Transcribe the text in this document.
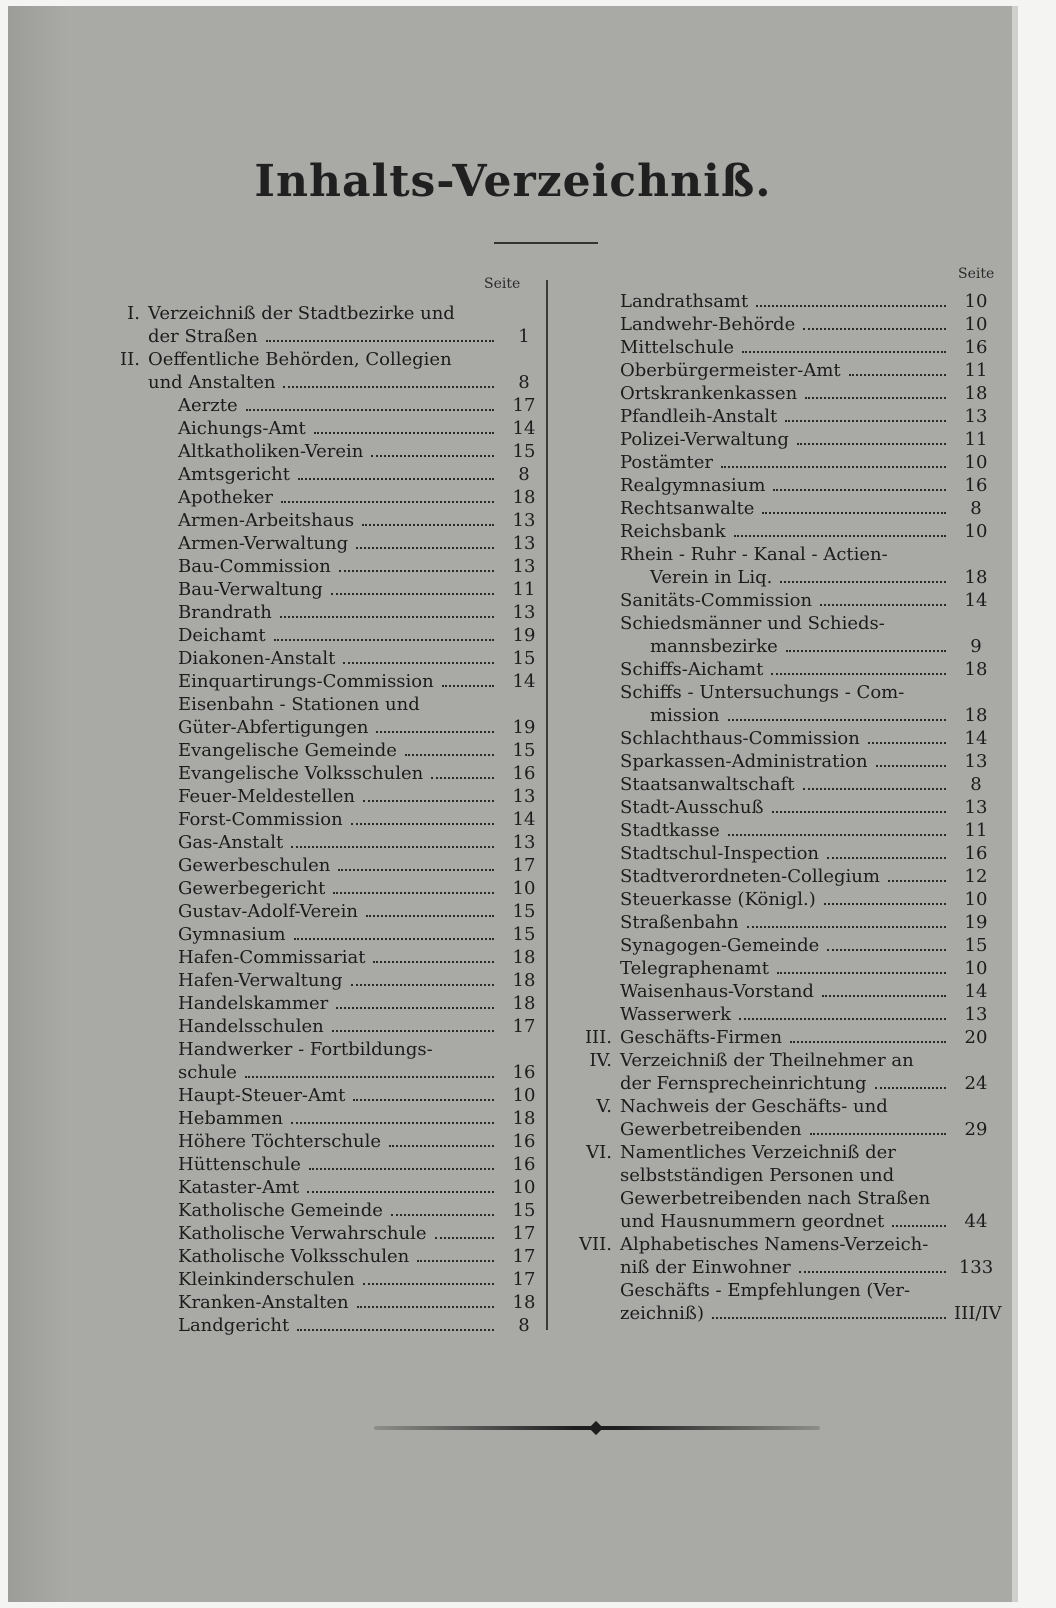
Inhalts-Verzeichniß.
Seite
Seite
I. Verzeichniß der Stadtbezirke und
der Straßen	1
II. Oeffentliche Behörden, Collegien
und Anstalten	8
Aerzte	17
Aichungs-Amt	14
Altkatholiken-Verein	15
Amtsgericht	8
Apotheker	18
Armen-Arbeitshaus	13
Armen-Verwaltung	13
Bau-Commission	13
Bau-Verwaltung	11
Brandrath	13
Deichamt	19
Diakonen-Anstalt	15
Einquartirungs-Commission	14
Eisenbahn - Stationen und
Güter-Abfertigungen	19
Evangelische Gemeinde	15
Evangelische Volksschulen	16
Feuer-Meldestellen	13
Forst-Commission	14
Gas-Anstalt	13
Gewerbeschulen	17
Gewerbegericht	10
Gustav-Adolf-Verein	15
Gymnasium	15
Hafen-Commissariat	18
Hafen-Verwaltung	18
Handelskammer	18
Handelsschulen	17
Handwerker - Fortbildungs-
schule	16
Haupt-Steuer-Amt	10
Hebammen	18
Höhere Töchterschule	16
Hüttenschule	16
Kataster-Amt	10
Katholische Gemeinde	15
Katholische Verwahrschule	17
Katholische Volksschulen	17
Kleinkinderschulen	17
Kranken-Anstalten	18
Landgericht	8
Landrathsamt	10
Landwehr-Behörde	10
Mittelschule	16
Oberbürgermeister-Amt	11
Ortskrankenkassen	18
Pfandleih-Anstalt	13
Polizei-Verwaltung	11
Postämter	10
Realgymnasium	16
Rechtsanwalte	8
Reichsbank	10
Rhein - Ruhr - Kanal - Actien-
Verein in Liq.	18
Sanitäts-Commission	14
Schiedsmänner und Schieds-
mannsbezirke	9
Schiffs-Aichamt	18
Schiffs - Untersuchungs - Com-
mission	18
Schlachthaus-Commission	14
Sparkassen-Administration	13
Staatsanwaltschaft	8
Stadt-Ausschuß	13
Stadtkasse	11
Stadtschul-Inspection	16
Stadtverordneten-Collegium	12
Steuerkasse (Königl.)	10
Straßenbahn	19
Synagogen-Gemeinde	15
Telegraphenamt	10
Waisenhaus-Vorstand	14
Wasserwerk	13
III. Geschäfts-Firmen	20
IV. Verzeichniß der Theilnehmer an
der Fernsprecheinrichtung	24
V. Nachweis der Geschäfts- und
Gewerbetreibenden	29
VI. Namentliches Verzeichniß der
selbstständigen Personen und
Gewerbetreibenden nach Straßen
und Hausnummern geordnet	44
VII. Alphabetisches Namens-Verzeich-
niß der Einwohner	133
Geschäfts - Empfehlungen (Ver-
zeichniß)	III/IV
